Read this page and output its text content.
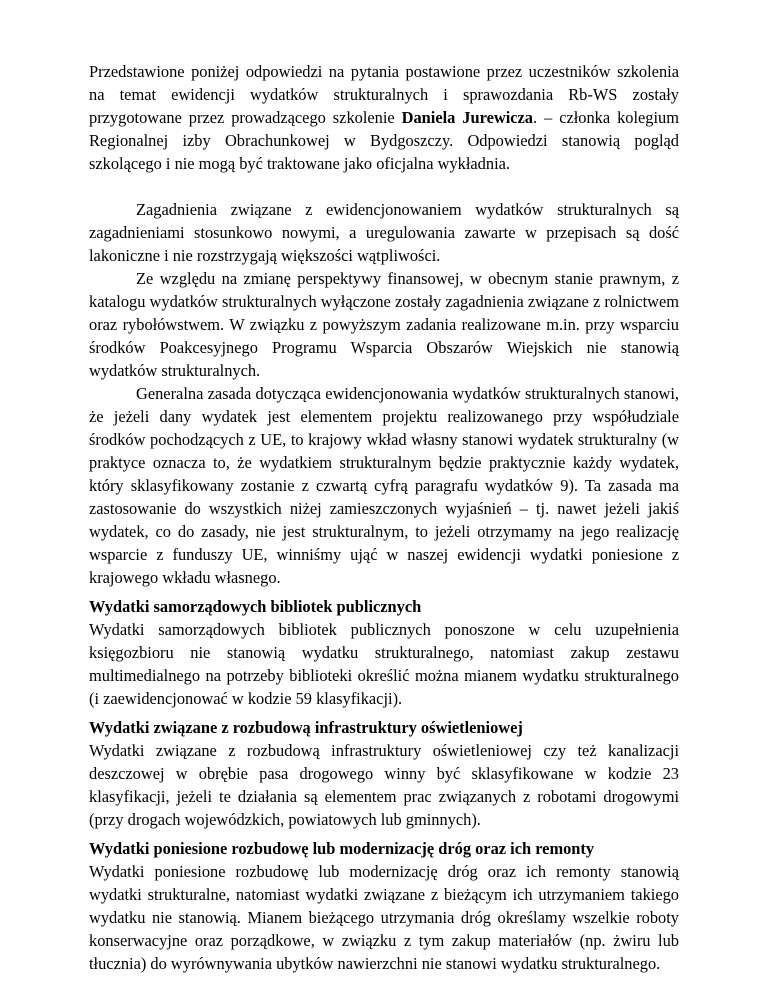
Przedstawione poniżej odpowiedzi na pytania postawione przez uczestników szkolenia na temat ewidencji wydatków strukturalnych i sprawozdania Rb-WS zostały przygotowane przez prowadzącego szkolenie Daniela Jurewicza. – członka kolegium Regionalnej izby Obrachunkowej w Bydgoszczy. Odpowiedzi stanowią pogląd szkolącego i nie mogą być traktowane jako oficjalna wykładnia.

Zagadnienia związane z ewidencjonowaniem wydatków strukturalnych są zagadnieniami stosunkowo nowymi, a uregulowania zawarte w przepisach są dość lakoniczne i nie rozstrzygają większości wątpliwości.

Ze względu na zmianę perspektywy finansowej, w obecnym stanie prawnym, z katalogu wydatków strukturalnych wyłączone zostały zagadnienia związane z rolnictwem oraz rybołówstwem. W związku z powyższym zadania realizowane m.in. przy wsparciu środków Poakcesyjnego Programu Wsparcia Obszarów Wiejskich nie stanowią wydatków strukturalnych.

Generalna zasada dotycząca ewidencjonowania wydatków strukturalnych stanowi, że jeżeli dany wydatek jest elementem projektu realizowanego przy współudziale środków pochodzących z UE, to krajowy wkład własny stanowi wydatek strukturalny (w praktyce oznacza to, że wydatkiem strukturalnym będzie praktycznie każdy wydatek, który sklasyfikowany zostanie z czwartą cyfrą paragrafu wydatków 9). Ta zasada ma zastosowanie do wszystkich niżej zamieszczonych wyjaśnień – tj. nawet jeżeli jakiś wydatek, co do zasady, nie jest strukturalnym, to jeżeli otrzymamy na jego realizację wsparcie z funduszy UE, winniśmy ująć w naszej ewidencji wydatki poniesione z krajowego wkładu własnego.

Wydatki samorządowych bibliotek publicznych

Wydatki samorządowych bibliotek publicznych ponoszone w celu uzupełnienia księgozbioru nie stanowią wydatku strukturalnego, natomiast zakup zestawu multimedialnego na potrzeby biblioteki określić można mianem wydatku strukturalnego (i zaewidencjonować w kodzie 59 klasyfikacji).

Wydatki związane z rozbudową infrastruktury oświetleniowej

Wydatki związane z rozbudową infrastruktury oświetleniowej czy też kanalizacji deszczowej w obrębie pasa drogowego winny być sklasyfikowane w kodzie 23 klasyfikacji, jeżeli te działania są elementem prac związanych z robotami drogowymi (przy drogach wojewódzkich, powiatowych lub gminnych).

Wydatki poniesione rozbudowę lub modernizację dróg oraz ich remonty

Wydatki poniesione rozbudowę lub modernizację dróg oraz ich remonty stanowią wydatki strukturalne, natomiast wydatki związane z bieżącym ich utrzymaniem takiego wydatku nie stanowią. Mianem bieżącego utrzymania dróg określamy wszelkie roboty konserwacyjne oraz porządkowe, w związku z tym zakup materiałów (np. żwiru lub tłucznia) do wyrównywania ubytków nawierzchni nie stanowi wydatku strukturalnego.
